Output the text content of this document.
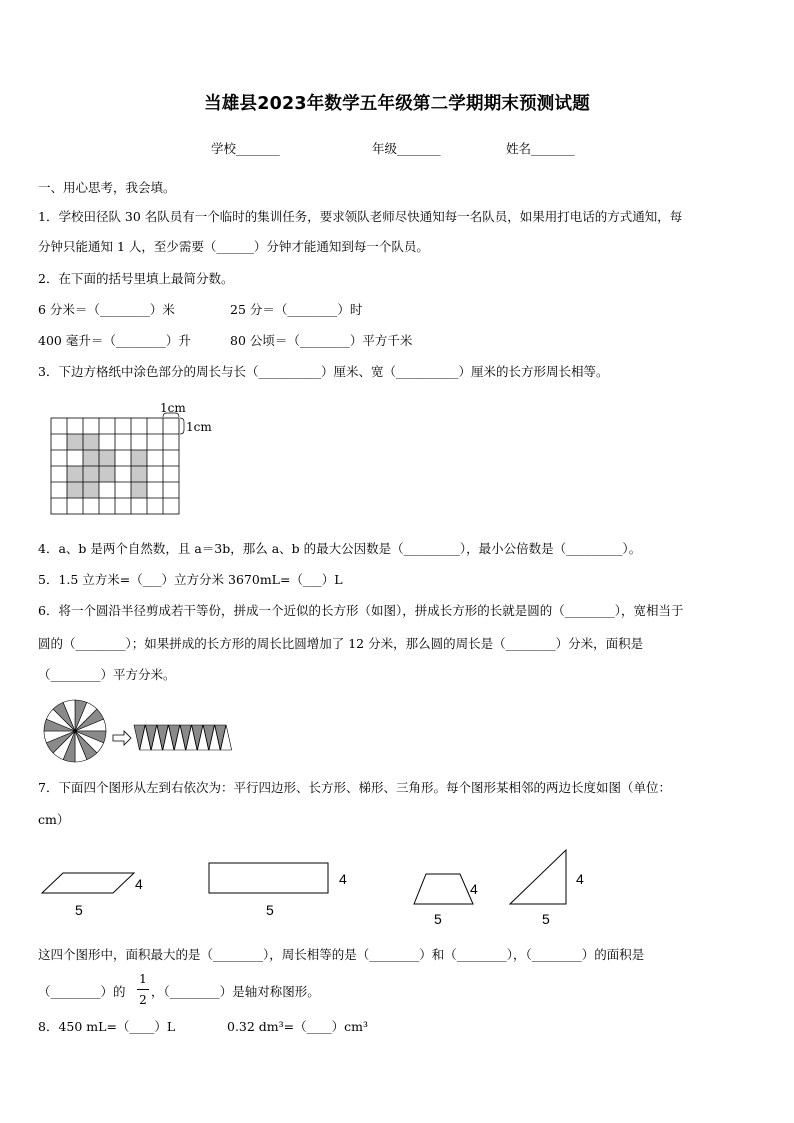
当雄县2023年数学五年级第二学期期末预测试题
学校_______	年级_______	姓名_______
一、用心思考，我会填。
1．学校田径队 30 名队员有一个临时的集训任务，要求领队老师尽快通知每一名队员，如果用打电话的方式通知，每
分钟只能通知 1 人，至少需要（______）分钟才能通知到每一个队员。
2．在下面的括号里填上最简分数。
6 分米＝（________）米	25 分＝（________）时
400 毫升＝（________）升	80 公顷＝（________）平方千米
3．下边方格纸中涂色部分的周长与长（__________）厘米、宽（__________）厘米的长方形周长相等。
1cm
1cm
4．a、b 是两个自然数，且 a＝3b，那么 a、b 的最大公因数是（_________），最小公倍数是（_________）。
5．1.5 立方米=（___）立方分米 3670mL=（___）L
6．将一个圆沿半径剪成若干等份，拼成一个近似的长方形（如图），拼成长方形的长就是圆的（________），宽相当于
圆的（________）；如果拼成的长方形的周长比圆增加了 12 分米，那么圆的周长是（________）分米，面积是
（________）平方分米。
7．下面四个图形从左到右依次为：平行四边形、长方形、梯形、三角形。每个图形某相邻的两边长度如图（单位：
cm）
4
5
4
5
4
5
4
5
这四个图形中，面积最大的是（________），周长相等的是（________）和（________），（________）的面积是
（________）的
1
2
，（________）是轴对称图形。
8．450 mL=（____）L	0.32 dm³=（____）cm³
